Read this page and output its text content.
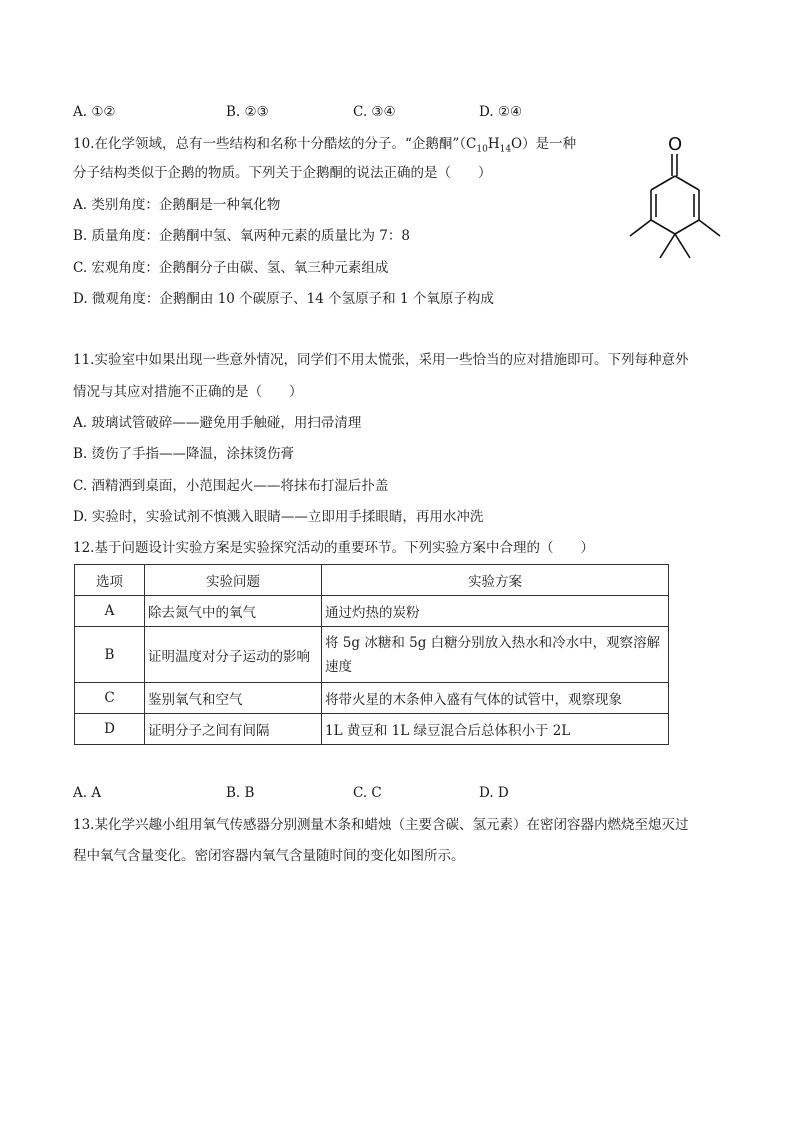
A. ①②	B. ②③	C. ③④	D. ②④
10.在化学领域，总有一些结构和名称十分酷炫的分子。“企鹅酮$”(C_{10}H_{14}O)$是一种
分子结构类似于企鹅的物质。下列关于企鹅酮的说法正确的是（　　）
A. 类别角度：企鹅酮是一种氧化物
B. 质量角度：企鹅酮中氢、氧两种元素的质量比为 7：8
C. 宏观角度：企鹅酮分子由碳、氢、氧三种元素组成
D. 微观角度：企鹅酮由 10 个碳原子、14 个氢原子和 1 个氧原子构成
O
11.实验室中如果出现一些意外情况，同学们不用太慌张，采用一些恰当的应对措施即可。下列每种意外
情况与其应对措施不正确的是（　　）
A. 玻璃试管破碎——避免用手触碰，用扫帚清理
B. 烫伤了手指——降温，涂抹烫伤膏
C. 酒精洒到桌面，小范围起火——将抹布打湿后扑盖
D. 实验时，实验试剂不慎溅入眼睛——立即用手揉眼睛，再用水冲洗
12.基于问题设计实验方案是实验探究活动的重要环节。下列实验方案中合理的（　　）
选项	实验问题	实验方案
A	除去氮气中的氧气	通过灼热的炭粉
B	证明温度对分子运动的影响	将 5g 冰糖和 5g 白糖分别放入热水和冷水中，观察溶解速度
C	鉴别氧气和空气	将带火星的木条伸入盛有气体的试管中，观察现象
D	证明分子之间有间隔	1L 黄豆和 1L 绿豆混合后总体积小于 2L
A. A	B. B	C. C	D. D
13.某化学兴趣小组用氧气传感器分别测量木条和蜡烛（主要含碳、氢元素）在密闭容器内燃烧至熄灭过
程中氧气含量变化。密闭容器内氧气含量随时间的变化如图所示。
